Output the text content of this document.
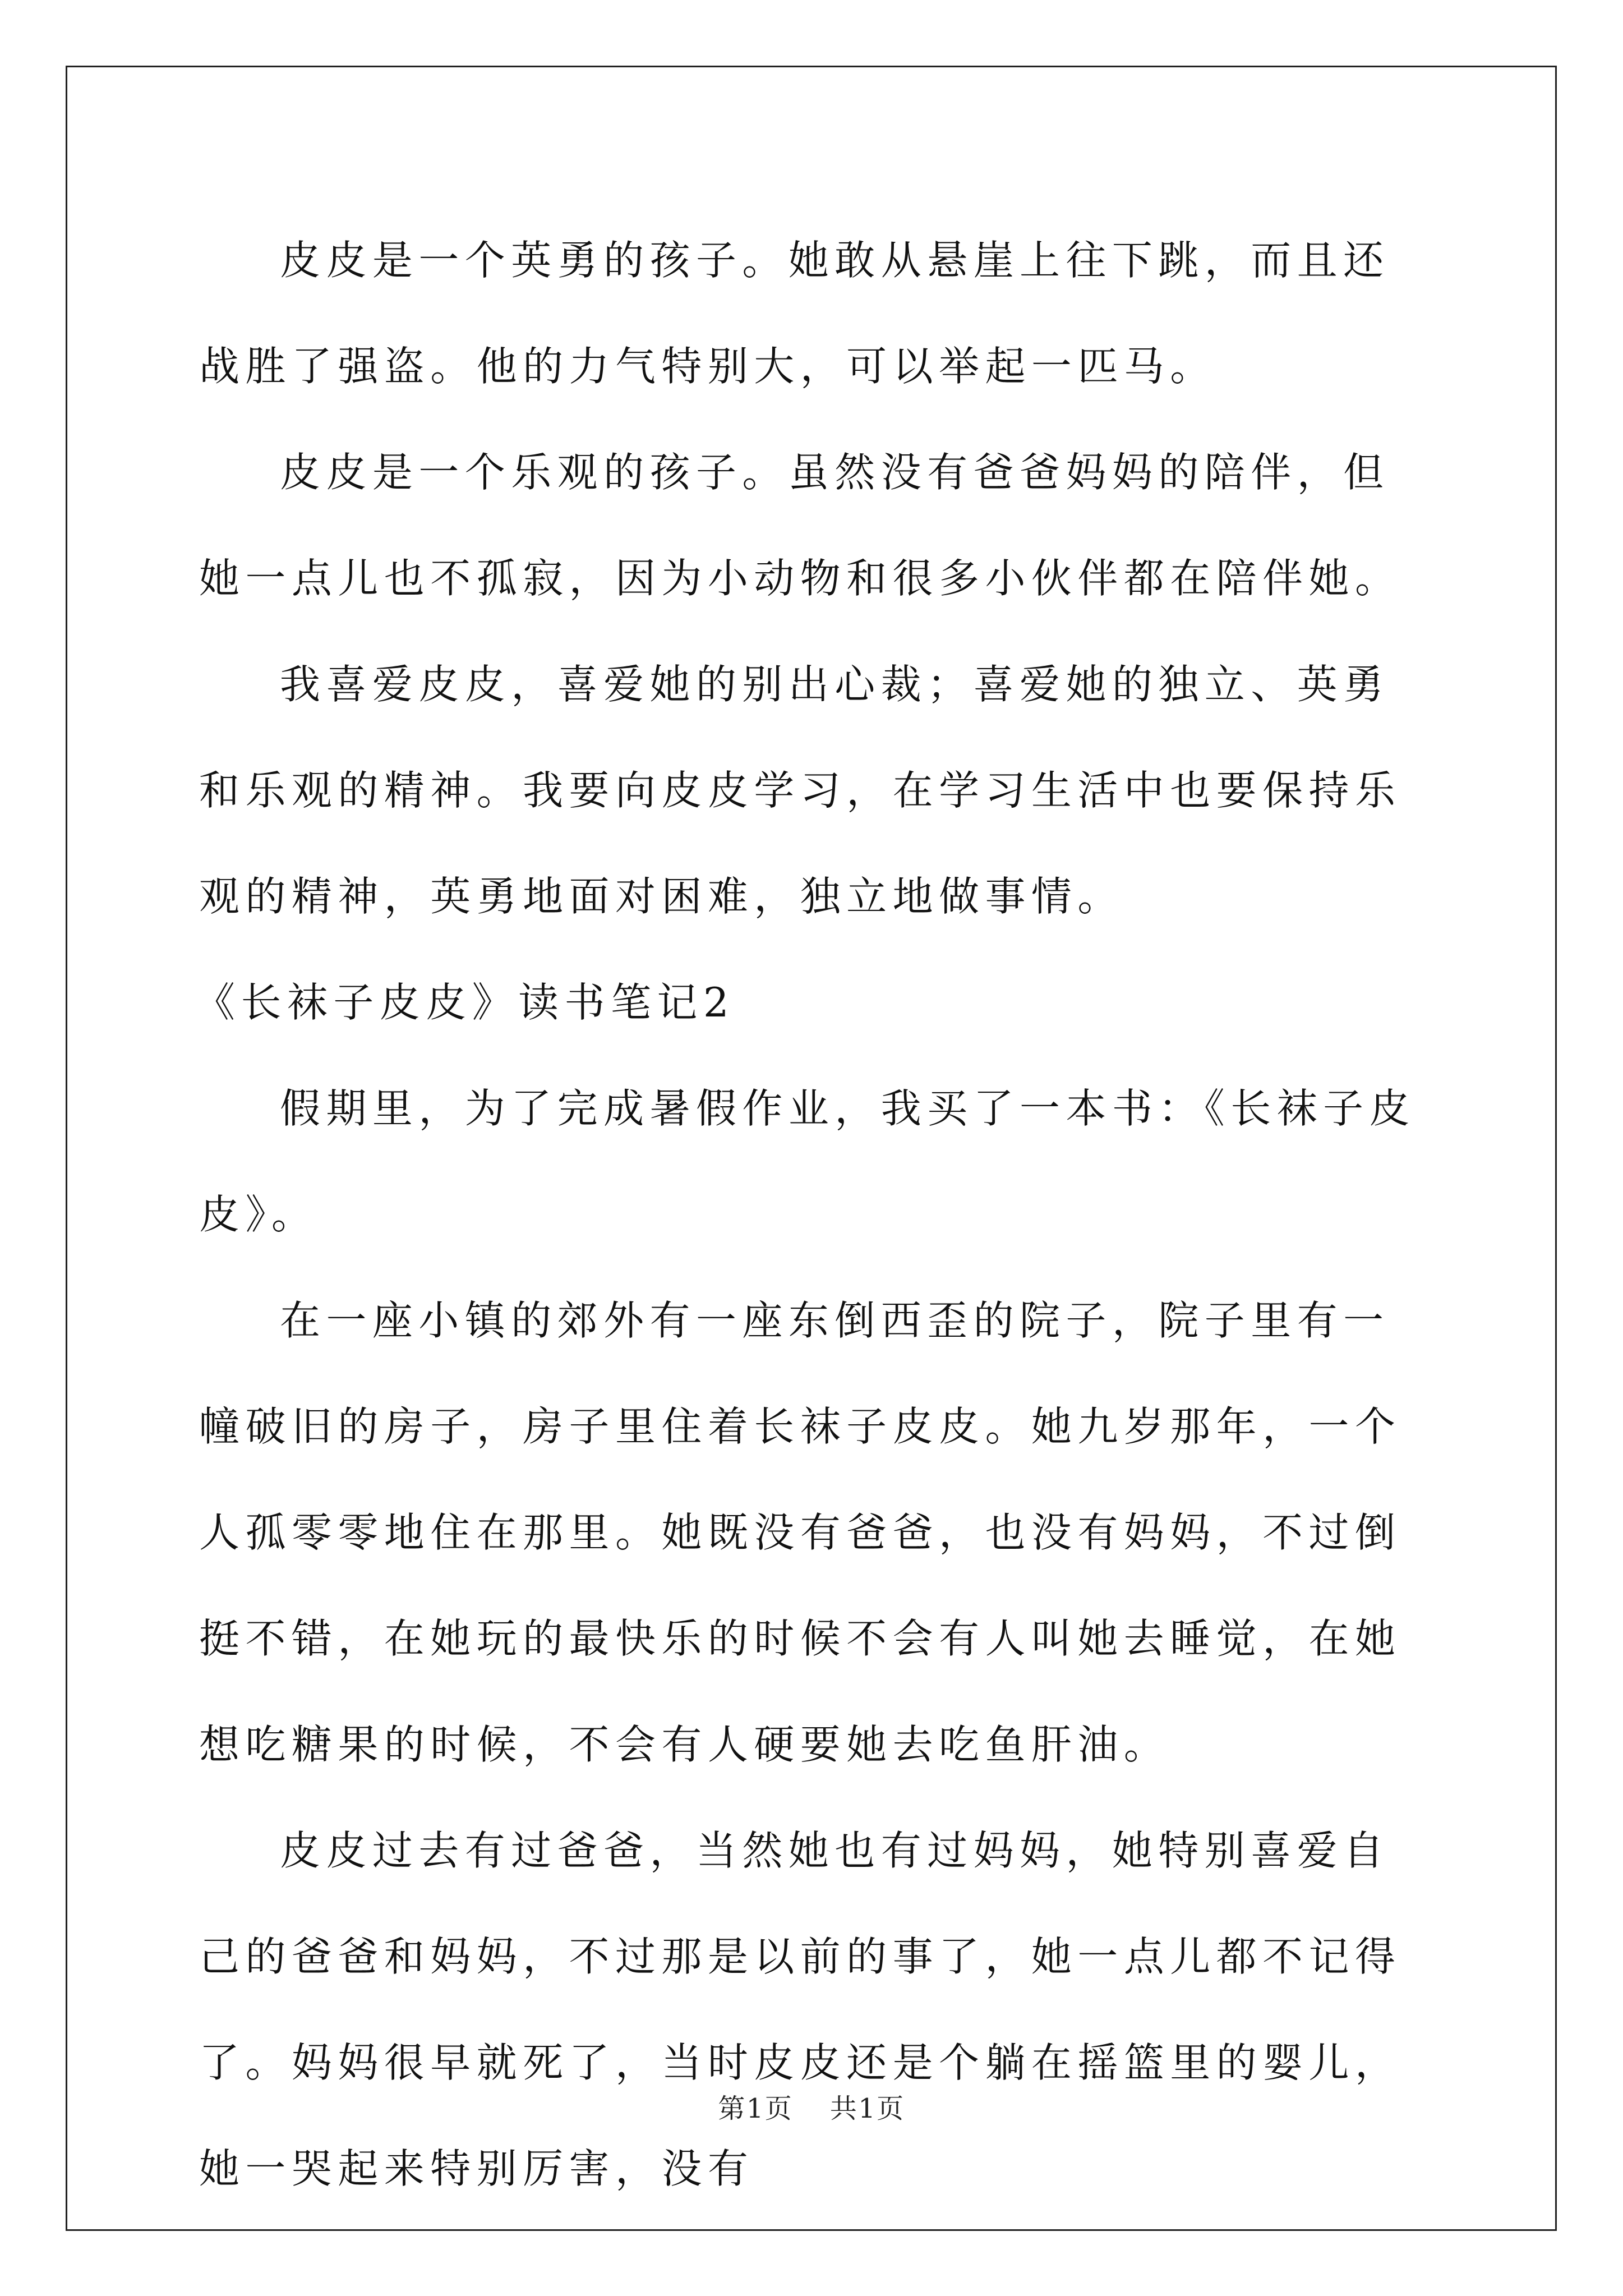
皮皮是一个英勇的孩子。她敢从悬崖上往下跳，而且还战胜了强盗。他的力气特别大，可以举起一匹马。

皮皮是一个乐观的孩子。虽然没有爸爸妈妈的陪伴，但她一点儿也不孤寂，因为小动物和很多小伙伴都在陪伴她。

我喜爱皮皮，喜爱她的别出心裁；喜爱她的独立、英勇和乐观的精神。我要向皮皮学习，在学习生活中也要保持乐观的精神，英勇地面对困难，独立地做事情。

《长袜子皮皮》读书笔记2

假期里，为了完成暑假作业，我买了一本书：《长袜子皮皮》。

在一座小镇的郊外有一座东倒西歪的院子，院子里有一幢破旧的房子，房子里住着长袜子皮皮。她九岁那年，一个人孤零零地住在那里。她既没有爸爸，也没有妈妈，不过倒挺不错，在她玩的最快乐的时候不会有人叫她去睡觉，在她想吃糖果的时候，不会有人硬要她去吃鱼肝油。

皮皮过去有过爸爸，当然她也有过妈妈，她特别喜爱自己的爸爸和妈妈，不过那是以前的事了，她一点儿都不记得了。妈妈很早就死了，当时皮皮还是个躺在摇篮里的婴儿，她一哭起来特别厉害，没有

第1页 共1页
